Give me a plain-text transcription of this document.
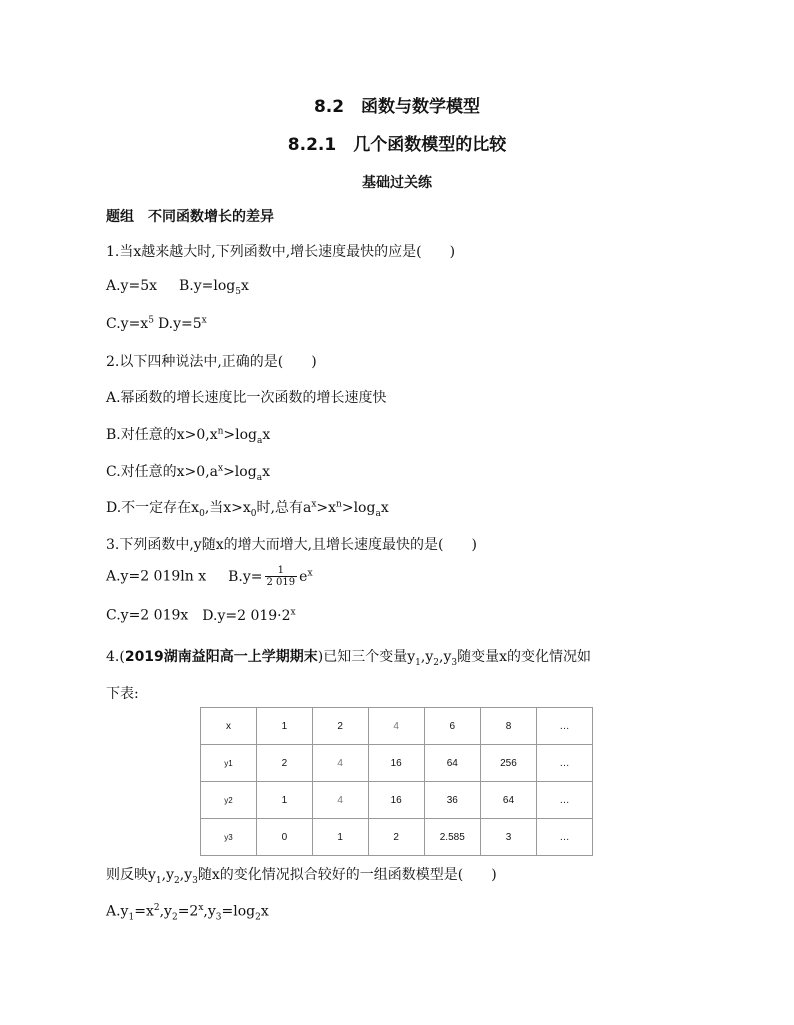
8.2　函数与数学模型
8.2.1　几个函数模型的比较
基础过关练
题组　不同函数增长的差异
1.当x越来越大时,下列函数中,增长速度最快的应是(　　)
A.y=5x $B.y=\log_5x$
$C.y=x^5$ $D.y=5^x$
2.以下四种说法中,正确的是(　　)
A.幂函数的增长速度比一次函数的增长速度快
B.对任意的$x>0,x^n>\log_ax$
C.对任意的$x>0,a^x>\log_ax$
D.不一定存在$x_0$,当$x>x_0$时,总有$a^x>x^n>\log_ax$
3.下列函数中,y随x的增大而增大,且增长速度最快的是(　　)
A.y=2 019ln x $B.y= \frac{1}{2 019} e^x$
C.y=2 019x D.y=2 $019\cdot 2^x$
4.(2019湖南益阳高一上学期期末)已知三个变量$y_1,y_2,y_3$随变量x的变化情况如
下表:
x	1	2	4	6	8	…
y1	2	4	16	64	256	…
y2	1	4	16	36	64	…
y3	0	1	2	2.585	3	…
则反映$y_1,y_2,y_3$随x的变化情况拟合较好的一组函数模型是(　　)
$A.y_1=x^2,y_2=2^x,y_3=\log_2x$
